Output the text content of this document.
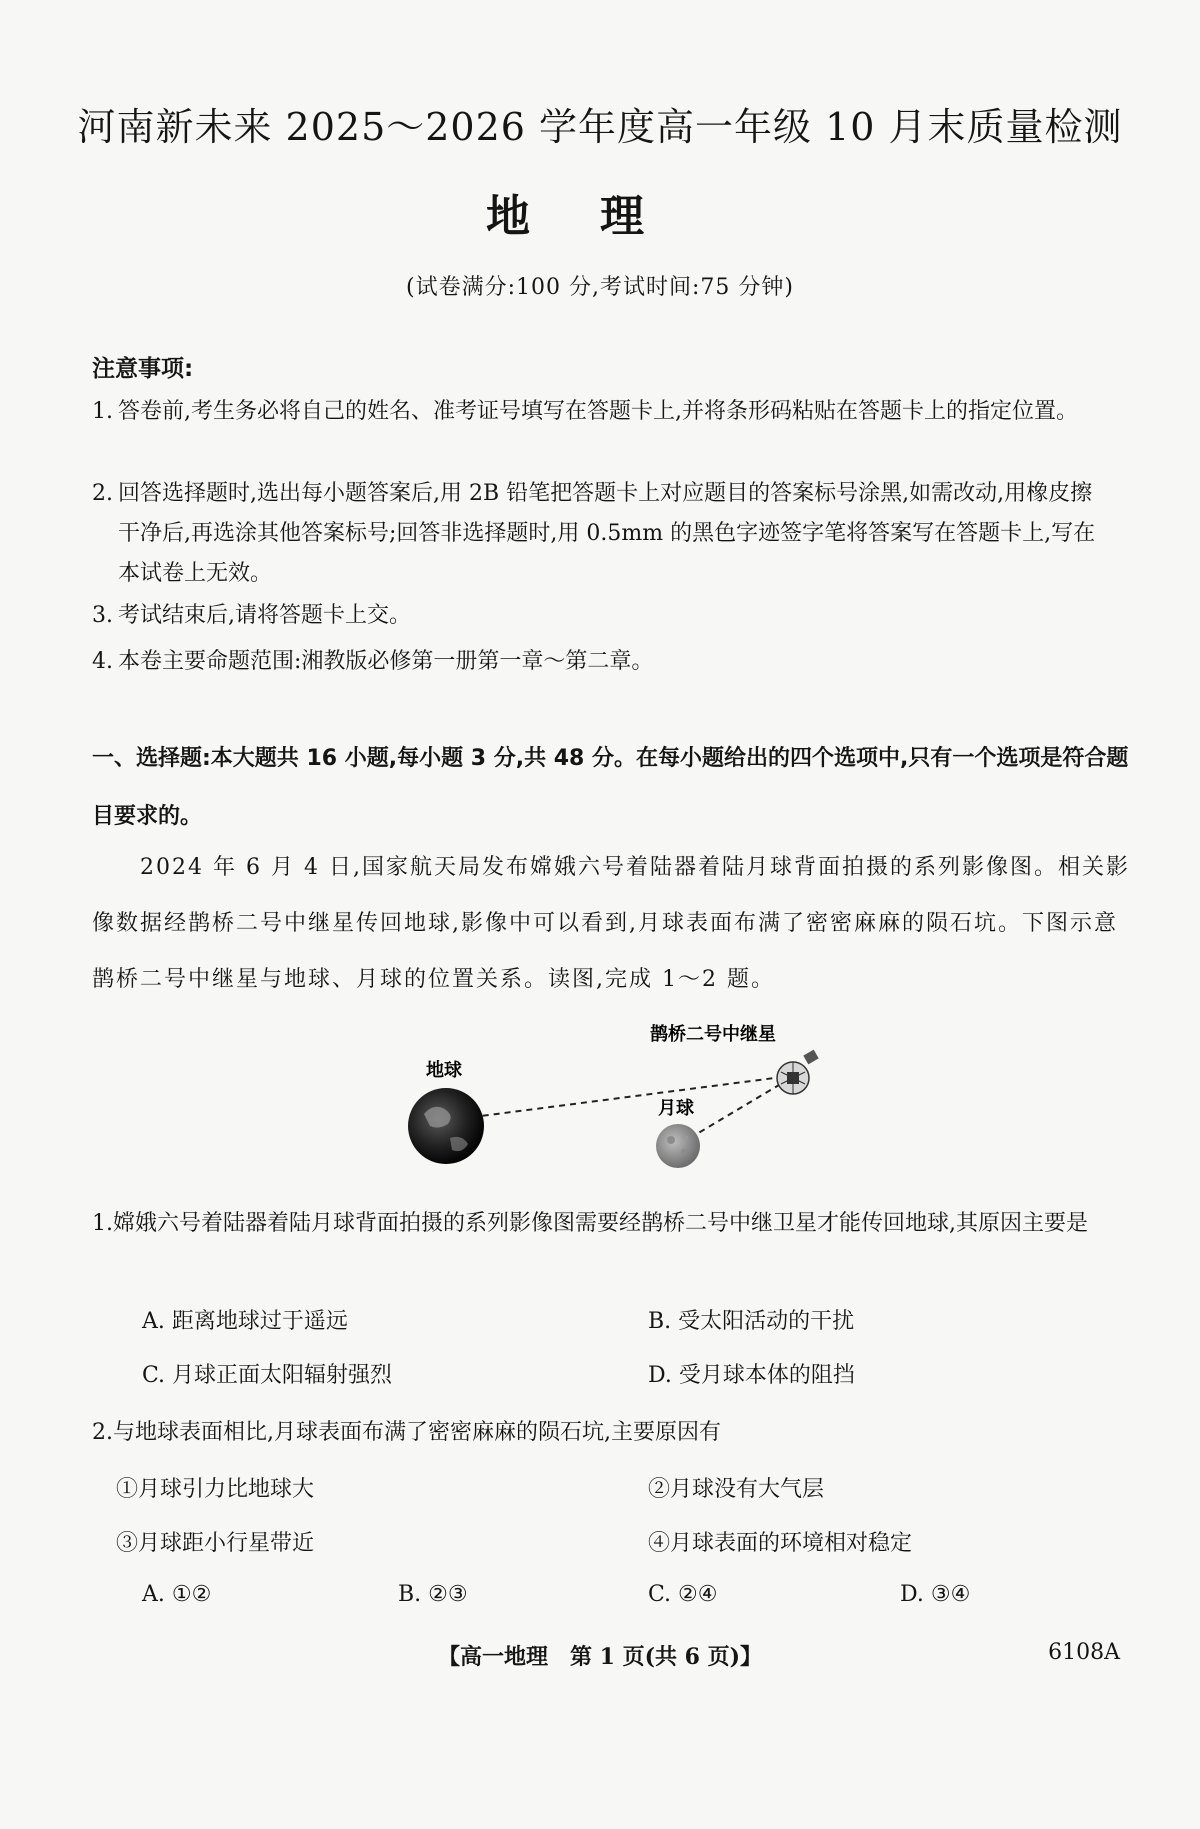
河南新未来 2025～2026 学年度高一年级 10 月末质量检测
地理
(试卷满分:100 分,考试时间:75 分钟)
注意事项:
1. 答卷前,考生务必将自己的姓名、准考证号填写在答题卡上,并将条形码粘贴在答题卡上的指定位置。
2. 回答选择题时,选出每小题答案后,用 2B 铅笔把答题卡上对应题目的答案标号涂黑,如需改动,用橡皮擦干净后,再选涂其他答案标号;回答非选择题时,用 0.5mm 的黑色字迹签字笔将答案写在答题卡上,写在本试卷上无效。
3. 考试结束后,请将答题卡上交。
4. 本卷主要命题范围:湘教版必修第一册第一章～第二章。
一、选择题:本大题共 16 小题,每小题 3 分,共 48 分。在每小题给出的四个选项中,只有一个选项是符合题目要求的。
2024 年 6 月 4 日,国家航天局发布嫦娥六号着陆器着陆月球背面拍摄的系列影像图。相关影像数据经鹊桥二号中继星传回地球,影像中可以看到,月球表面布满了密密麻麻的陨石坑。下图示意鹊桥二号中继星与地球、月球的位置关系。读图,完成 1～2 题。
地球
月球
鹊桥二号中继星
1.嫦娥六号着陆器着陆月球背面拍摄的系列影像图需要经鹊桥二号中继卫星才能传回地球,其原因主要是
A. 距离地球过于遥远	B. 受太阳活动的干扰
C. 月球正面太阳辐射强烈	D. 受月球本体的阻挡
2.与地球表面相比,月球表面布满了密密麻麻的陨石坑,主要原因有
①月球引力比地球大	②月球没有大气层
③月球距小行星带近	④月球表面的环境相对稳定
A. ①②	B. ②③	C. ②④	D. ③④
【高一地理　第 1 页(共 6 页)】	6108A
